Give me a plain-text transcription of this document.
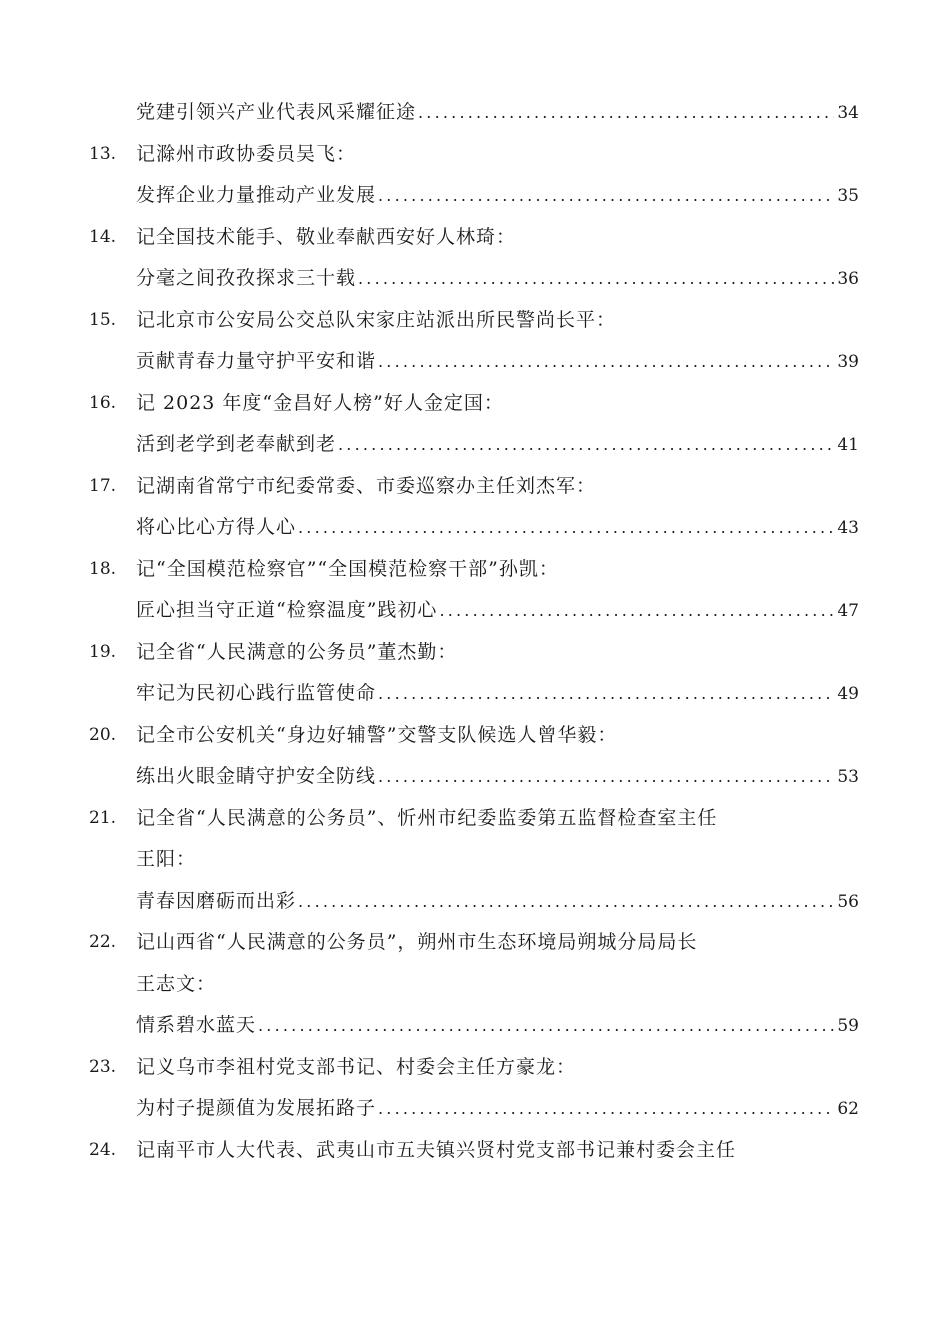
党建引领兴产业代表风采耀征途 .....	34
13.	记滁州市政协委员吴飞：
发挥企业力量推动产业发展 .....	35
14.	记全国技术能手、敬业奉献西安好人林琦：
分毫之间孜孜探求三十载 .....	36
15.	记北京市公安局公交总队宋家庄站派出所民警尚长平：
贡献青春力量守护平安和谐 .....	39
16.	记 2023 年度“金昌好人榜”好人金定国：
活到老学到老奉献到老 .....	41
17.	记湖南省常宁市纪委常委、市委巡察办主任刘杰军：
将心比心方得人心 .....	43
18.	记“全国模范检察官”“全国模范检察干部”孙凯：
匠心担当守正道“检察温度”践初心 .....	47
19.	记全省“人民满意的公务员”董杰勤：
牢记为民初心践行监管使命 .....	49
20.	记全市公安机关“身边好辅警”交警支队候选人曾华毅：
练出火眼金睛守护安全防线 .....	53
21.	记全省“人民满意的公务员”、忻州市纪委监委第五监督检查室主任
王阳：
青春因磨砺而出彩 .....	56
22.	记山西省“人民满意的公务员”，朔州市生态环境局朔城分局局长
王志文：
情系碧水蓝天 .....	59
23.	记义乌市李祖村党支部书记、村委会主任方豪龙：
为村子提颜值为发展拓路子 .....	62
24.	记南平市人大代表、武夷山市五夫镇兴贤村党支部书记兼村委会主任
